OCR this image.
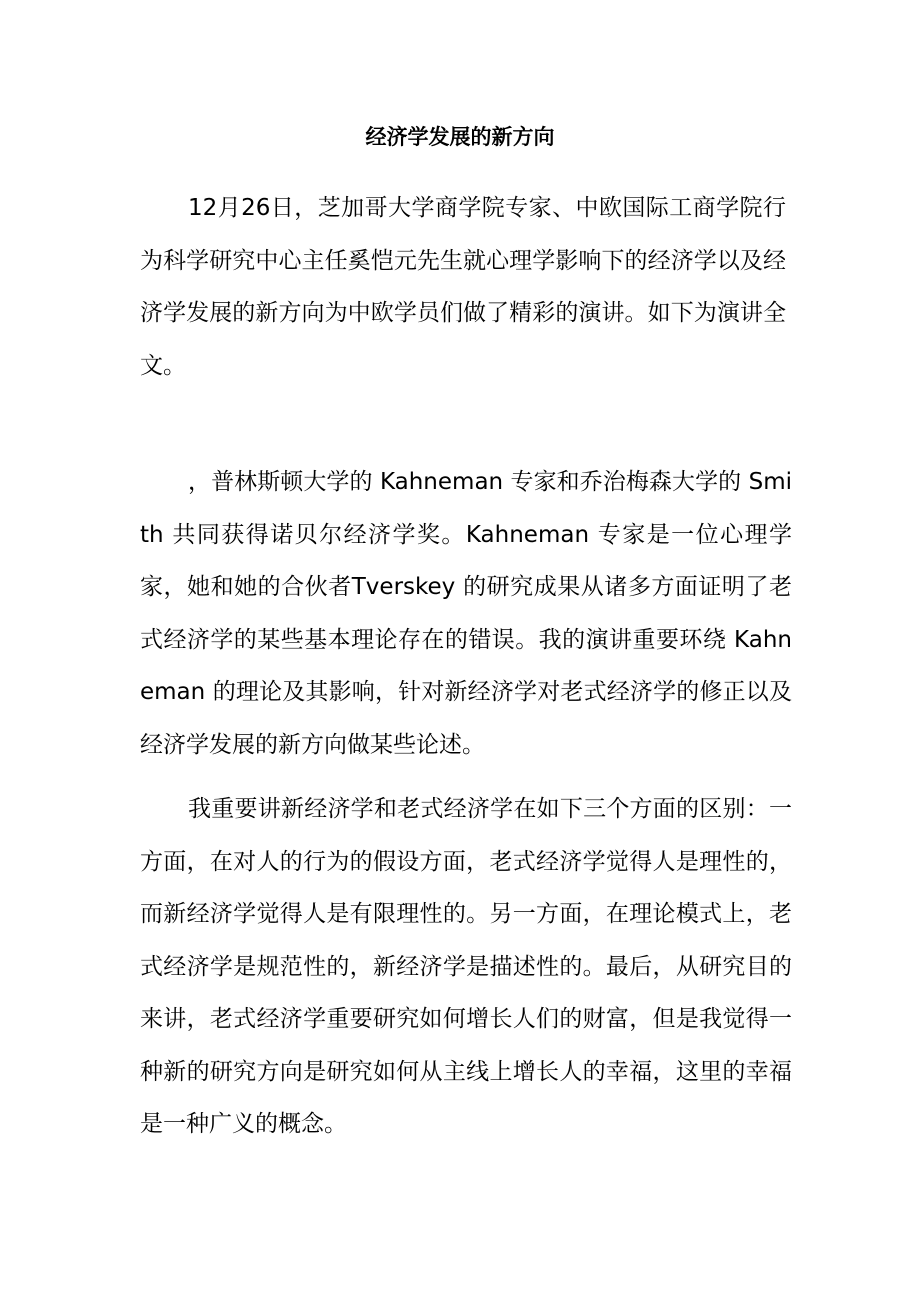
经济学发展的新方向

12月26日，芝加哥大学商学院专家、中欧国际工商学院行为科学研究中心主任奚恺元先生就心理学影响下的经济学以及经济学发展的新方向为中欧学员们做了精彩的演讲。如下为演讲全文。

，普林斯顿大学的 Kahneman 专家和乔治梅森大学的 Smith 共同获得诺贝尔经济学奖。Kahneman 专家是一位心理学家，她和她的合伙者Tverskey 的研究成果从诸多方面证明了老式经济学的某些基本理论存在的错误。我的演讲重要环绕 Kahneman 的理论及其影响，针对新经济学对老式经济学的修正以及经济学发展的新方向做某些论述。

我重要讲新经济学和老式经济学在如下三个方面的区别：一方面，在对人的行为的假设方面，老式经济学觉得人是理性的，而新经济学觉得人是有限理性的。另一方面，在理论模式上，老式经济学是规范性的，新经济学是描述性的。最后，从研究目的来讲，老式经济学重要研究如何增长人们的财富，但是我觉得一种新的研究方向是研究如何从主线上增长人的幸福，这里的幸福是一种广义的概念。
